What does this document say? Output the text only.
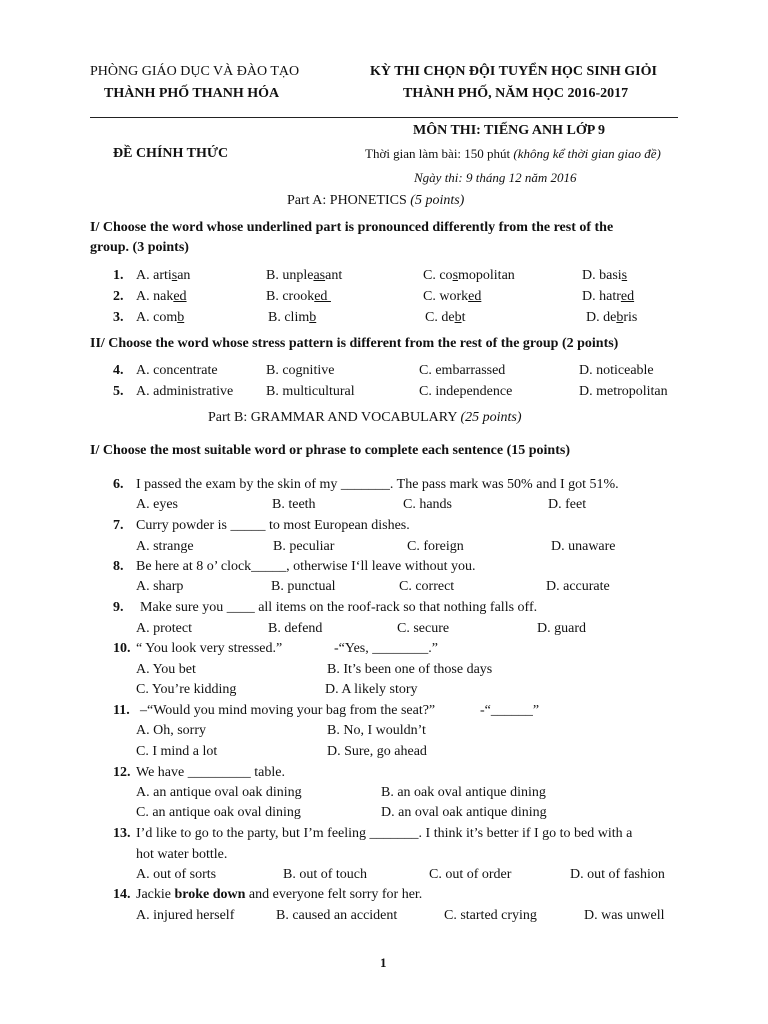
PHÒNG GIÁO DỤC VÀ ĐÀO TẠO
THÀNH PHỐ THANH HÓA
KỲ THI CHỌN ĐỘI TUYỂN HỌC SINH GIỎI
THÀNH PHỐ, NĂM HỌC 2016-2017
MÔN THI: TIẾNG ANH LỚP 9
ĐỀ CHÍNH THỨC	Thời gian làm bài: 150 phút (không kể thời gian giao đề)
Ngày thi: 9 tháng 12 năm 2016
Part A: PHONETICS (5 points)
I/ Choose the word whose underlined part is pronounced differently from the rest of the
group. (3 points)
1. A. artisan	B. unpleasant	C. cosmopolitan	D. basis
2. A. naked	B. crooked	C. worked	D. hatred
3. A. comb	B. climb	C. debt	D. debris
II/ Choose the word whose stress pattern is different from the rest of the group (2 points)
4. A. concentrate	B. cognitive	C. embarrassed	D. noticeable
5. A. administrative B. multicultural	C. independence	D. metropolitan
Part B: GRAMMAR AND VOCABULARY (25 points)
I/ Choose the most suitable word or phrase to complete each sentence (15 points)
6. I passed the exam by the skin of my _______. The pass mark was 50% and I got 51%.
A. eyes	B. teeth	C. hands	D. feet
7. Curry powder is _____ to most European dishes.
A. strange	B. peculiar	C. foreign	D. unaware
8. Be here at 8 o’ clock_____, otherwise I‘ll leave without you.
A. sharp	B. punctual	C. correct	D. accurate
9. Make sure you ____ all items on the roof-rack so that nothing falls off.
A. protect	B. defend	C. secure	D. guard
10. “ You look very stressed.”	-“Yes, ________.”
A. You bet	B. It’s been one of those days
C. You’re kidding	D. A likely story
11. –“Would you mind moving your bag from the seat?”	-“______”
A. Oh, sorry	B. No, I wouldn’t
C. I mind a lot	D. Sure, go ahead
12. We have _________ table.
A. an antique oval oak dining	B. an oak oval antique dining
C. an antique oak oval dining	D. an oval oak antique dining
13. I’d like to go to the party, but I’m feeling _______. I think it’s better if I go to bed with a
hot water bottle.
A. out of sorts	B. out of touch	C. out of order	D. out of fashion
14. Jackie broke down and everyone felt sorry for her.
A. injured herself	B. caused an accident	C. started crying	D. was unwell
1
